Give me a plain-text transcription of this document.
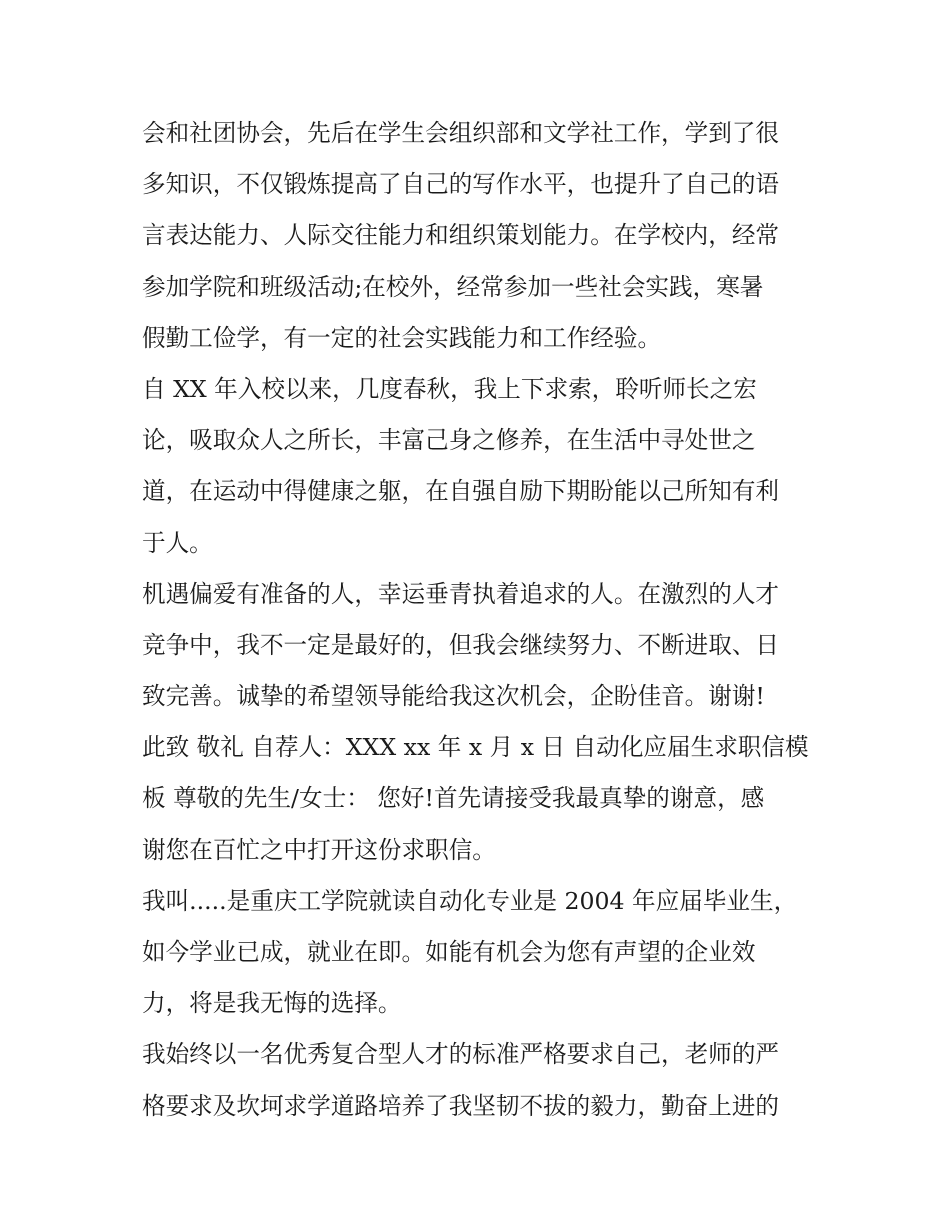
会和社团协会，先后在学生会组织部和文学社工作，学到了很
多知识，不仅锻炼提高了自己的写作水平，也提升了自己的语
言表达能力、人际交往能力和组织策划能力。在学校内，经常
参加学院和班级活动;在校外，经常参加一些社会实践，寒暑
假勤工俭学，有一定的社会实践能力和工作经验。
自 XX 年入校以来，几度春秋，我上下求索，聆听师长之宏
论，吸取众人之所长，丰富己身之修养，在生活中寻处世之
道，在运动中得健康之躯，在自强自励下期盼能以己所知有利
于人。
机遇偏爱有准备的人，幸运垂青执着追求的人。在激烈的人才
竞争中，我不一定是最好的，但我会继续努力、不断进取、日
致完善。诚挚的希望领导能给我这次机会，企盼佳音。谢谢!
此致 敬礼 自荐人：XXX xx 年 x 月 x 日 自动化应届生求职信模
板 尊敬的先生/女士： 您好!首先请接受我最真挚的谢意，感
谢您在百忙之中打开这份求职信。
我叫.....是重庆工学院就读自动化专业是 2004 年应届毕业生，
如今学业已成，就业在即。如能有机会为您有声望的企业效
力，将是我无悔的选择。
我始终以一名优秀复合型人才的标准严格要求自己，老师的严
格要求及坎坷求学道路培养了我坚韧不拔的毅力，勤奋上进的
